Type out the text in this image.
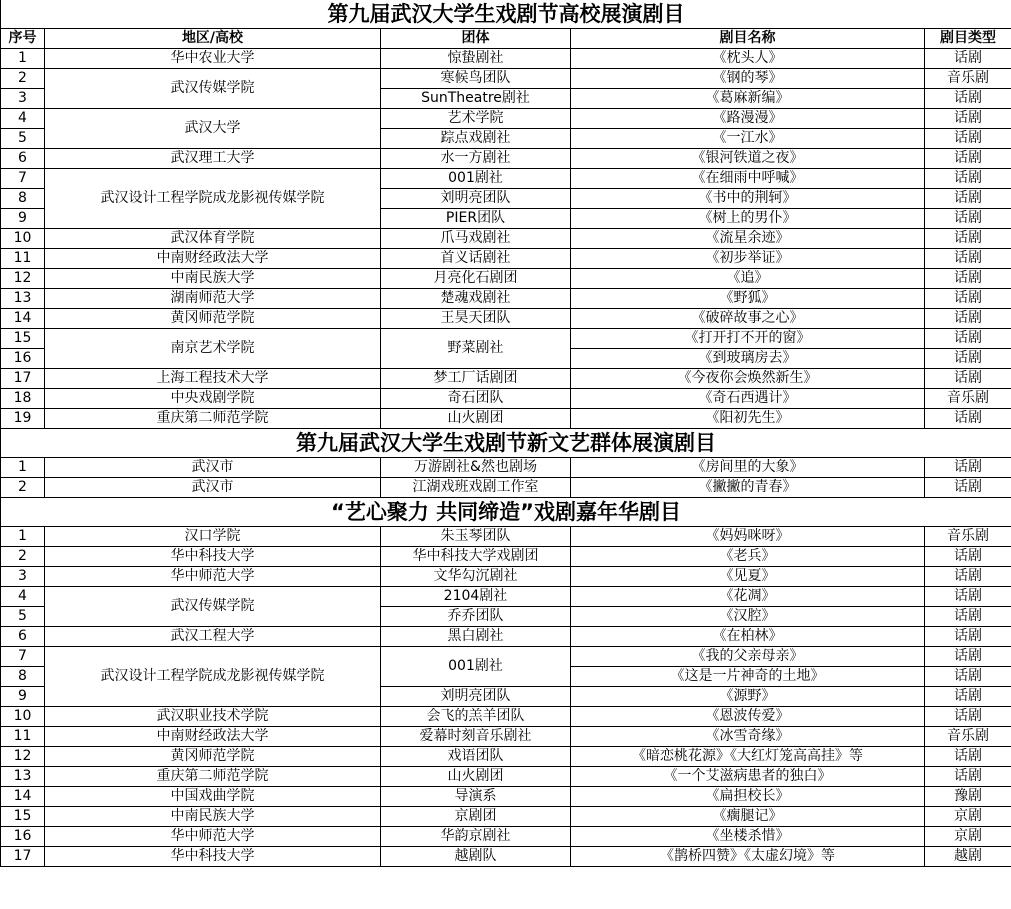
第九届武汉大学生戏剧节高校展演剧目				
序号	地区/高校	团体	剧目名称	剧目类型
1	华中农业大学	惊蛰剧社	《枕头人》	话剧
2	武汉传媒学院	寒候鸟团队	《钢的琴》	音乐剧
3		SunTheatre剧社	《葛麻新编》	话剧
4	武汉大学	艺术学院	《路漫漫》	话剧
5		踪点戏剧社	《一江水》	话剧
6	武汉理工大学	水一方剧社	《银河铁道之夜》	话剧
7	武汉设计工程学院成龙影视传媒学院	001剧社	《在细雨中呼喊》	话剧
8		刘明亮团队	《书中的荆轲》	话剧
9		PIER团队	《树上的男仆》	话剧
10	武汉体育学院	爪马戏剧社	《流星余迹》	话剧
11	中南财经政法大学	首义话剧社	《初步举证》	话剧
12	中南民族大学	月亮化石剧团	《追》	话剧
13	湖南师范大学	楚魂戏剧社	《野狐》	话剧
14	黄冈师范学院	王昊天团队	《破碎故事之心》	话剧
15	南京艺术学院	野菜剧社	《打开打不开的窗》	话剧
16			《到玻璃房去》	话剧
17	上海工程技术大学	梦工厂话剧团	《今夜你会焕然新生》	话剧
18	中央戏剧学院	奇石团队	《奇石西遇计》	音乐剧
19	重庆第二师范学院	山火剧团	《阳初先生》	话剧
第九届武汉大学生戏剧节新文艺群体展演剧目				
1	武汉市	万游剧社&然也剧场	《房间里的大象》	话剧
2	武汉市	江湖戏班戏剧工作室	《撇撇的青春》	话剧
“艺心聚力 共同缔造”戏剧嘉年华剧目				
1	汉口学院	朱玉琴团队	《妈妈咪呀》	音乐剧
2	华中科技大学	华中科技大学戏剧团	《老兵》	话剧
3	华中师范大学	文华勾沉剧社	《见夏》	话剧
4	武汉传媒学院	2104剧社	《花凋》	话剧
5		乔乔团队	《汉腔》	话剧
6	武汉工程大学	黑白剧社	《在柏林》	话剧
7	武汉设计工程学院成龙影视传媒学院	001剧社	《我的父亲母亲》	话剧
8			《这是一片神奇的土地》	话剧
9		刘明亮团队	《源野》	话剧
10	武汉职业技术学院	会飞的羔羊团队	《恩波传爱》	话剧
11	中南财经政法大学	爱幕时刻音乐剧社	《冰雪奇缘》	音乐剧
12	黄冈师范学院	戏语团队	《暗恋桃花源》《大红灯笼高高挂》等	话剧
13	重庆第二师范学院	山火剧团	《一个艾滋病患者的独白》	话剧
14	中国戏曲学院	导演系	《扁担校长》	豫剧
15	中南民族大学	京剧团	《瘸腿记》	京剧
16	华中师范大学	华韵京剧社	《坐楼杀惜》	京剧
17	华中科技大学	越剧队	《鹊桥四赞》《太虚幻境》等	越剧
